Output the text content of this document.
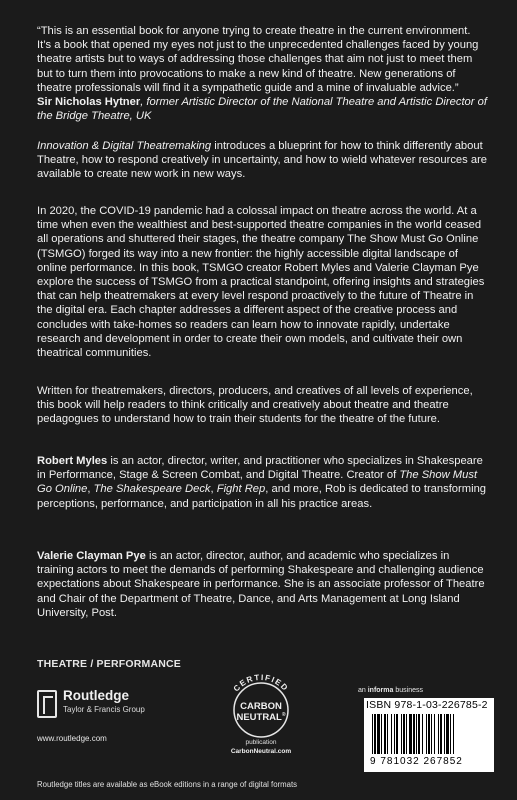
“This is an essential book for anyone trying to create theatre in the current environment. It’s a book that opened my eyes not just to the unprecedented challenges faced by young theatre artists but to ways of addressing those challenges that aim not just to meet them but to turn them into provocations to make a new kind of theatre. New generations of theatre professionals will find it a sympathetic guide and a mine of invaluable advice.”

Sir Nicholas Hytner, former Artistic Director of the National Theatre and Artistic Director of the Bridge Theatre, UK

Innovation & Digital Theatremaking introduces a blueprint for how to think differently about Theatre, how to respond creatively in uncertainty, and how to wield whatever resources are available to create new work in new ways.

In 2020, the COVID-19 pandemic had a colossal impact on theatre across the world. At a time when even the wealthiest and best-supported theatre companies in the world ceased all operations and shuttered their stages, the theatre company The Show Must Go Online (TSMGO) forged its way into a new frontier: the highly accessible digital landscape of online performance. In this book, TSMGO creator Robert Myles and Valerie Clayman Pye explore the success of TSMGO from a practical standpoint, offering insights and strategies that can help theatremakers at every level respond proactively to the future of Theatre in the digital era. Each chapter addresses a different aspect of the creative process and concludes with take-homes so readers can learn how to innovate rapidly, undertake research and development in order to create their own models, and cultivate their own theatrical communities.

Written for theatremakers, directors, producers, and creatives of all levels of experience, this book will help readers to think critically and creatively about theatre and theatre pedagogues to understand how to train their students for the theatre of the future.

Robert Myles is an actor, director, writer, and practitioner who specializes in Shakespeare in Performance, Stage & Screen Combat, and Digital Theatre. Creator of The Show Must Go Online, The Shakespeare Deck, Fight Rep, and more, Rob is dedicated to transforming perceptions, performance, and participation in all his practice areas.

Valerie Clayman Pye is an actor, director, author, and academic who specializes in training actors to meet the demands of performing Shakespeare and challenging audience expectations about Shakespeare in performance. She is an associate professor of Theatre and Chair of the Department of Theatre, Dance, and Arts Management at Long Island University, Post.

THEATRE / PERFORMANCE
Routledge
Taylor & Francis Group
www.routledge.com
CERTIFIED
CARBON
NEUTRAL®
publication
CarbonNeutral.com
an informa business
ISBN 978-1-03-226785-2
9 781032 267852
Routledge titles are available as eBook editions in a range of digital formats
